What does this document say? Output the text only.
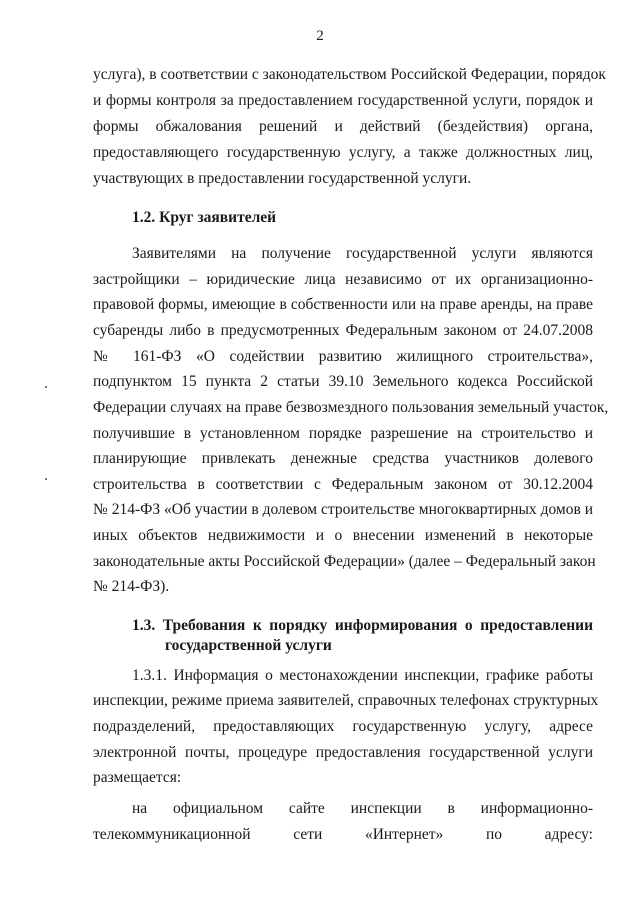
2
услуга), в соответствии с законодательством Российской Федерации, порядок
и формы контроля за предоставлением государственной услуги, порядок и
формы обжалования решений и действий (бездействия) органа,
предоставляющего государственную услугу, а также должностных лиц,
участвующих в предоставлении государственной услуги.
1.2. Круг заявителей
Заявителями на получение государственной услуги являются
застройщики – юридические лица независимо от их организационно-
правовой формы, имеющие в собственности или на праве аренды, на праве
субаренды либо в предусмотренных Федеральным законом от 24.07.2008
№ 161-ФЗ «О содействии развитию жилищного строительства»,
подпунктом 15 пункта 2 статьи 39.10 Земельного кодекса Российской
Федерации случаях на праве безвозмездного пользования земельный участок,
получившие в установленном порядке разрешение на строительство и
планирующие привлекать денежные средства участников долевого
строительства в соответствии с Федеральным законом от 30.12.2004
№ 214-ФЗ «Об участии в долевом строительстве многоквартирных домов и
иных объектов недвижимости и о внесении изменений в некоторые
законодательные акты Российской Федерации» (далее – Федеральный закон
№ 214-ФЗ).
1.3. Требования к порядку информирования о предоставлении
государственной услуги
1.3.1. Информация о местонахождении инспекции, графике работы
инспекции, режиме приема заявителей, справочных телефонах структурных
подразделений, предоставляющих государственную услугу, адресе
электронной почты, процедуре предоставления государственной услуги
размещается:
на официальном сайте инспекции в информационно-
телекоммуникационной сети «Интернет» по адресу:
